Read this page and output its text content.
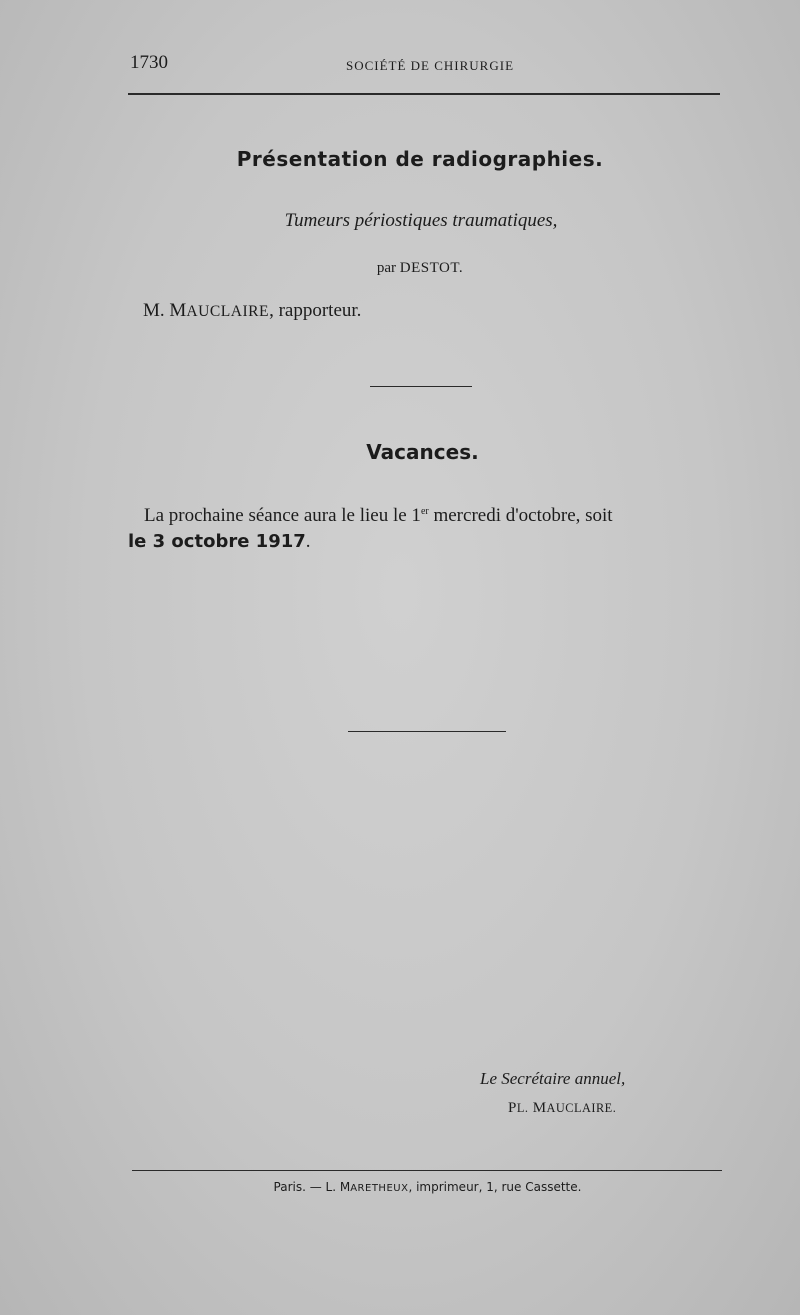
1730	SOCIÉTÉ DE CHIRURGIE
Présentation de radiographies.
Tumeurs périostiques traumatiques,
par DESTOT.
M. MAUCLAIRE, rapporteur.
Vacances.
La prochaine séance aura le lieu le 1er mercredi d'octobre, soit
le 3 octobre 1917.
Le Secrétaire annuel,
PL. MAUCLAIRE.
Paris. — L. MARETHEUX, imprimeur, 1, rue Cassette.
